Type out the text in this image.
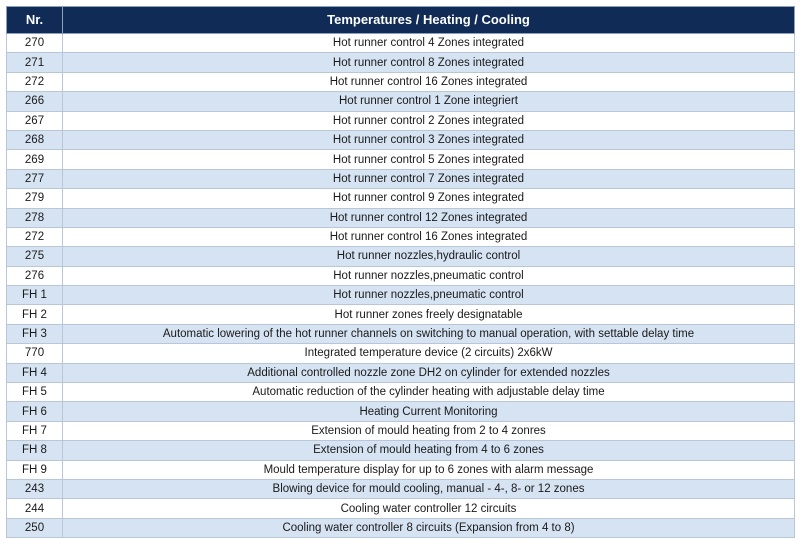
Nr.	Temperatures / Heating / Cooling
270	Hot runner control 4 Zones integrated
271	Hot runner control 8 Zones integrated
272	Hot runner control 16 Zones integrated
266	Hot runner control 1 Zone integriert
267	Hot runner control 2 Zones integrated
268	Hot runner control 3 Zones integrated
269	Hot runner control 5 Zones integrated
277	Hot runner control 7 Zones integrated
279	Hot runner control 9 Zones integrated
278	Hot runner control 12 Zones integrated
272	Hot runner control 16 Zones integrated
275	Hot runner nozzles,hydraulic control
276	Hot runner nozzles,pneumatic control
FH 1	Hot runner nozzles,pneumatic control
FH 2	Hot runner zones freely designatable
FH 3	Automatic lowering of the hot runner channels on switching to manual operation, with settable delay time
770	Integrated temperature device (2 circuits) 2x6kW
FH 4	Additional controlled nozzle zone DH2 on cylinder for extended nozzles
FH 5	Automatic reduction of the cylinder heating with adjustable delay time
FH 6	Heating Current Monitoring
FH 7	Extension of mould heating from 2 to 4 zonres
FH 8	Extension of mould heating from 4 to 6 zones
FH 9	Mould temperature display for up to 6 zones with alarm message
243	Blowing device for mould cooling, manual - 4-, 8- or 12 zones
244	Cooling water controller 12 circuits
250	Cooling water controller 8 circuits (Expansion from 4 to 8)
